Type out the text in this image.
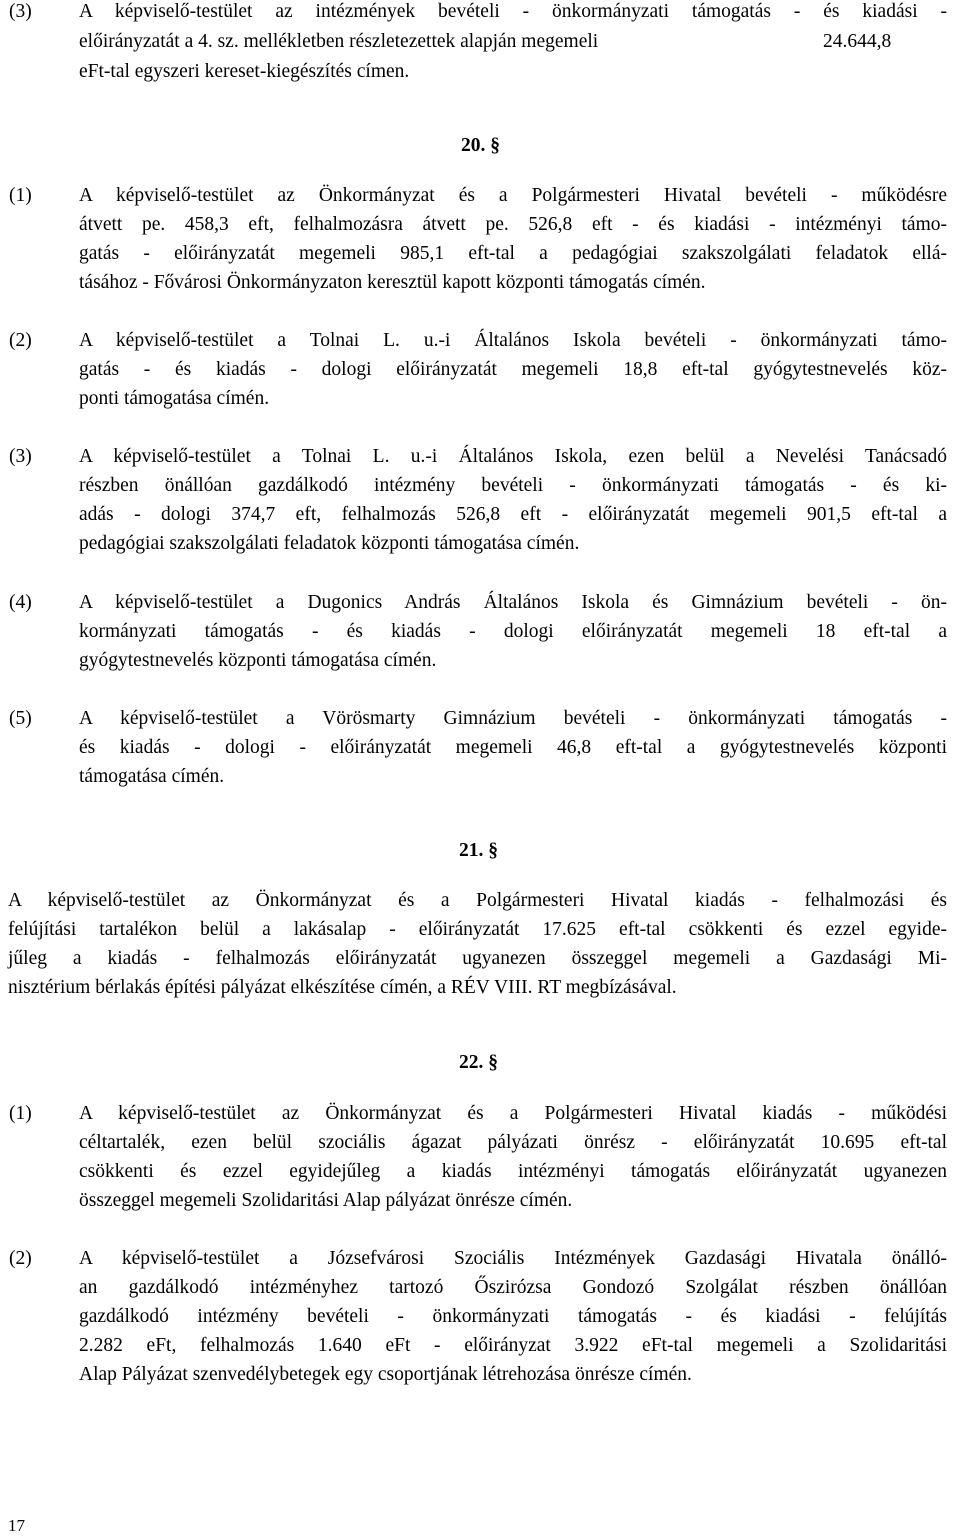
(3) A képviselő-testület az intézmények bevételi - önkormányzati támogatás - és kiadási -
előirányzatát a 4. sz. mellékletben részletezettek alapján megemeli	24.644,8
eFt-tal egyszeri kereset-kiegészítés címen.
20. §
(1) A képviselő-testület az Önkormányzat és a Polgármesteri Hivatal bevételi - működésre
átvett pe. 458,3 eft, felhalmozásra átvett pe. 526,8 eft - és kiadási - intézményi támo-
gatás - előirányzatát megemeli 985,1 eft-tal a pedagógiai szakszolgálati feladatok ellá-
tásához - Fővárosi Önkormányzaton keresztül kapott központi támogatás címén.
(2) A képviselő-testület a Tolnai L. u.-i Általános Iskola bevételi - önkormányzati támo-
gatás - és kiadás - dologi előirányzatát megemeli 18,8 eft-tal gyógytestnevelés köz-
ponti támogatása címén.
(3) A képviselő-testület a Tolnai L. u.-i Általános Iskola, ezen belül a Nevelési Tanácsadó
részben önállóan gazdálkodó intézmény bevételi - önkormányzati támogatás - és ki-
adás - dologi 374,7 eft, felhalmozás 526,8 eft - előirányzatát megemeli 901,5 eft-tal a
pedagógiai szakszolgálati feladatok központi támogatása címén.
(4) A képviselő-testület a Dugonics András Általános Iskola és Gimnázium bevételi - ön-
kormányzati támogatás - és kiadás - dologi előirányzatát megemeli 18 eft-tal a
gyógytestnevelés központi támogatása címén.
(5) A képviselő-testület a Vörösmarty Gimnázium bevételi - önkormányzati támogatás -
és kiadás - dologi - előirányzatát megemeli 46,8 eft-tal a gyógytestnevelés központi
támogatása címén.
21. §
A képviselő-testület az Önkormányzat és a Polgármesteri Hivatal kiadás - felhalmozási és
felújítási tartalékon belül a lakásalap - előirányzatát 17.625 eft-tal csökkenti és ezzel egyide-
jűleg a kiadás - felhalmozás előirányzatát ugyanezen összeggel megemeli a Gazdasági Mi-
nisztérium bérlakás építési pályázat elkészítése címén, a RÉV VIII. RT megbízásával.
22. §
(1) A képviselő-testület az Önkormányzat és a Polgármesteri Hivatal kiadás - működési
céltartalék, ezen belül szociális ágazat pályázati önrész - előirányzatát 10.695 eft-tal
csökkenti és ezzel egyidejűleg a kiadás intézményi támogatás előirányzatát ugyanezen
összeggel megemeli Szolidaritási Alap pályázat önrésze címén.
(2) A képviselő-testület a Józsefvárosi Szociális Intézmények Gazdasági Hivatala önálló-
an gazdálkodó intézményhez tartozó Őszirózsa Gondozó Szolgálat részben önállóan
gazdálkodó intézmény bevételi - önkormányzati támogatás - és kiadási - felújítás
2.282 eFt, felhalmozás 1.640 eFt - előirányzat 3.922 eFt-tal megemeli a Szolidaritási
Alap Pályázat szenvedélybetegek egy csoportjának létrehozása önrésze címén.
17
